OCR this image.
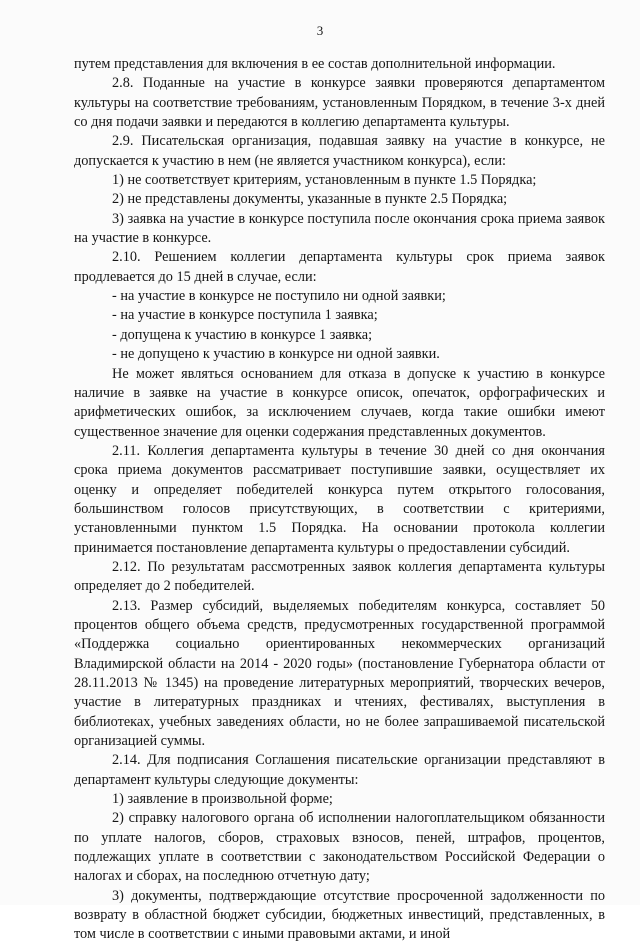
3

путем представления для включения в ее состав дополнительной информации.

2.8. Поданные на участие в конкурсе заявки проверяются департаментом культуры на соответствие требованиям, установленным Порядком, в течение 3-х дней со дня подачи заявки и передаются в коллегию департамента культуры.

2.9. Писательская организация, подавшая заявку на участие в конкурсе, не допускается к участию в нем (не является участником конкурса), если:

1) не соответствует критериям, установленным в пункте 1.5 Порядка;

2) не представлены документы, указанные в пункте 2.5 Порядка;

3) заявка на участие в конкурсе поступила после окончания срока приема заявок на участие в конкурсе.

2.10. Решением коллегии департамента культуры срок приема заявок продлевается до 15 дней в случае, если:

- на участие в конкурсе не поступило ни одной заявки;

- на участие в конкурсе поступила 1 заявка;

- допущена к участию в конкурсе 1 заявка;

- не допущено к участию в конкурсе ни одной заявки.

Не может являться основанием для отказа в допуске к участию в конкурсе наличие в заявке на участие в конкурсе описок, опечаток, орфографических и арифметических ошибок, за исключением случаев, когда такие ошибки имеют существенное значение для оценки содержания представленных документов.

2.11. Коллегия департамента культуры в течение 30 дней со дня окончания срока приема документов рассматривает поступившие заявки, осуществляет их оценку и определяет победителей конкурса путем открытого голосования, большинством голосов присутствующих, в соответствии с критериями, установленными пунктом 1.5 Порядка. На основании протокола коллегии принимается постановление департамента культуры о предоставлении субсидий.

2.12. По результатам рассмотренных заявок коллегия департамента культуры определяет до 2 победителей.

2.13. Размер субсидий, выделяемых победителям конкурса, составляет 50 процентов общего объема средств, предусмотренных государственной программой «Поддержка социально ориентированных некоммерческих организаций Владимирской области на 2014 - 2020 годы» (постановление Губернатора области от 28.11.2013 № 1345) на проведение литературных мероприятий, творческих вечеров, участие в литературных праздниках и чтениях, фестивалях, выступления в библиотеках, учебных заведениях области, но не более запрашиваемой писательской организацией суммы.

2.14. Для подписания Соглашения писательские организации представляют в департамент культуры следующие документы:

1) заявление в произвольной форме;

2) справку налогового органа об исполнении налогоплательщиком обязанности по уплате налогов, сборов, страховых взносов, пеней, штрафов, процентов, подлежащих уплате в соответствии с законодательством Российской Федерации о налогах и сборах, на последнюю отчетную дату;

3) документы, подтверждающие отсутствие просроченной задолженности по возврату в областной бюджет субсидии, бюджетных инвестиций, представленных, в том числе в соответствии с иными правовыми актами, и иной
